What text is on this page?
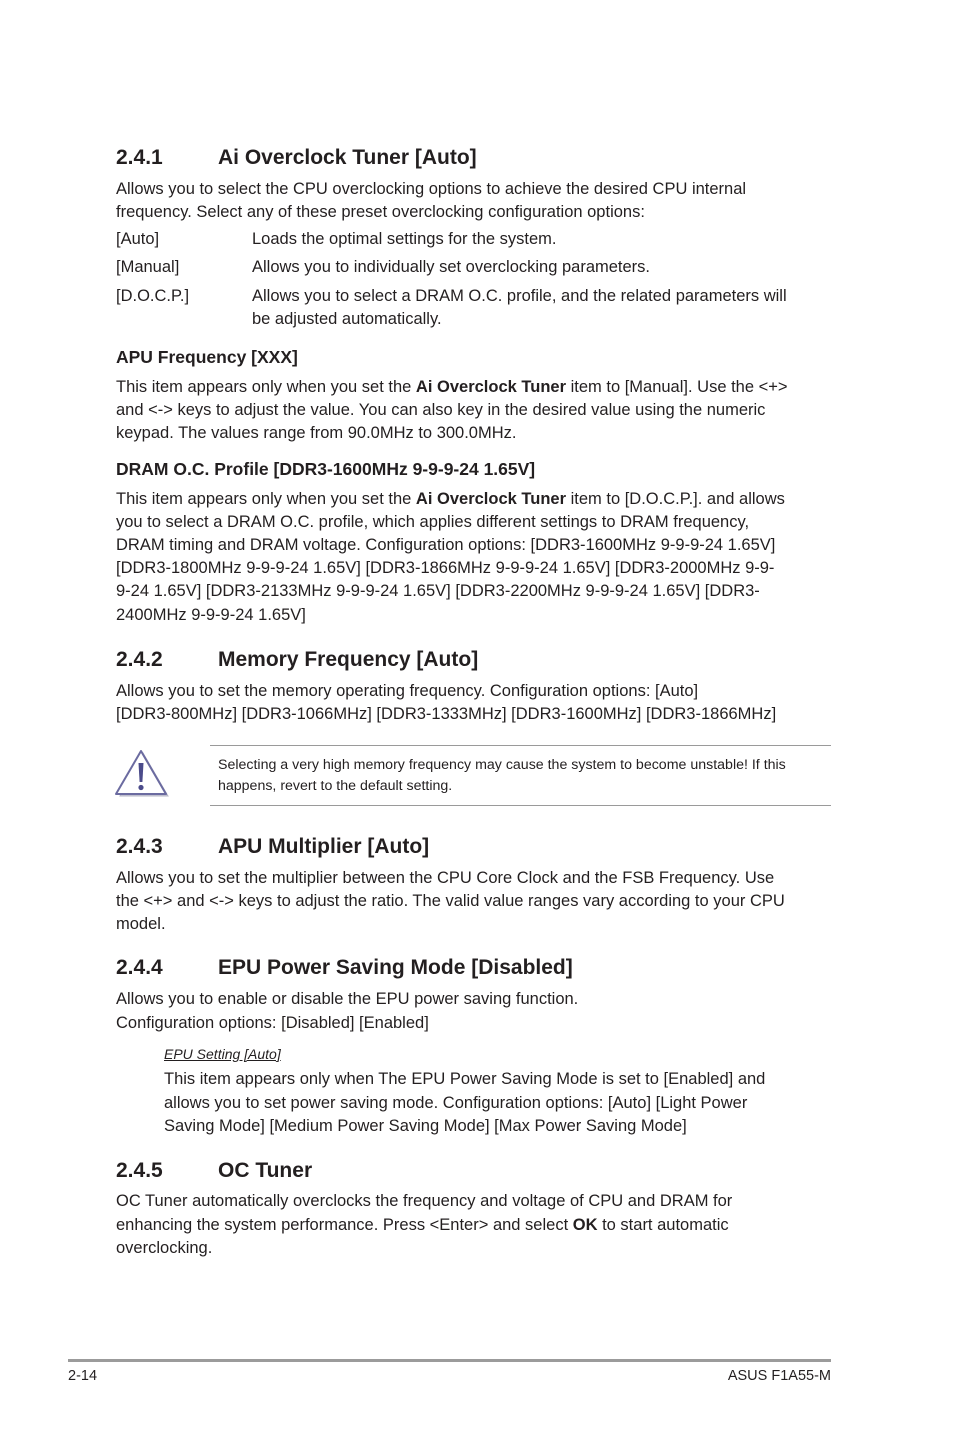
2.4.1	Ai Overclock Tuner [Auto]
Allows you to select the CPU overclocking options to achieve the desired CPU internal
frequency. Select any of these preset overclocking configuration options:
[Auto]	Loads the optimal settings for the system.
[Manual]	Allows you to individually set overclocking parameters.
[D.O.C.P.]	Allows you to select a DRAM O.C. profile, and the related parameters will
be adjusted automatically.
APU Frequency [XXX]
This item appears only when you set the Ai Overclock Tuner item to [Manual]. Use the <+>
and <-> keys to adjust the value. You can also key in the desired value using the numeric
keypad. The values range from 90.0MHz to 300.0MHz.
DRAM O.C. Profile [DDR3-1600MHz 9-9-9-24 1.65V]
This item appears only when you set the Ai Overclock Tuner item to [D.O.C.P.]. and allows
you to select a DRAM O.C. profile, which applies different settings to DRAM frequency,
DRAM timing and DRAM voltage. Configuration options: [DDR3-1600MHz 9-9-9-24 1.65V]
[DDR3-1800MHz 9-9-9-24 1.65V] [DDR3-1866MHz 9-9-9-24 1.65V] [DDR3-2000MHz 9-9-
9-24 1.65V] [DDR3-2133MHz 9-9-9-24 1.65V] [DDR3-2200MHz 9-9-9-24 1.65V] [DDR3-
2400MHz 9-9-9-24 1.65V]
2.4.2	Memory Frequency [Auto]
Allows you to set the memory operating frequency. Configuration options: [Auto]
[DDR3-800MHz] [DDR3-1066MHz] [DDR3-1333MHz] [DDR3-1600MHz] [DDR3-1866MHz]
Selecting a very high memory frequency may cause the system to become unstable! If this
happens, revert to the default setting.
2.4.3	APU Multiplier [Auto]
Allows you to set the multiplier between the CPU Core Clock and the FSB Frequency. Use
the <+> and <-> keys to adjust the ratio. The valid value ranges vary according to your CPU
model.
2.4.4	EPU Power Saving Mode [Disabled]
Allows you to enable or disable the EPU power saving function.
Configuration options: [Disabled] [Enabled]
EPU Setting [Auto]
This item appears only when The EPU Power Saving Mode is set to [Enabled] and
allows you to set power saving mode. Configuration options: [Auto] [Light Power
Saving Mode] [Medium Power Saving Mode] [Max Power Saving Mode]
2.4.5	OC Tuner
OC Tuner automatically overclocks the frequency and voltage of CPU and DRAM for
enhancing the system performance. Press <Enter> and select OK to start automatic
overclocking.
2-14	ASUS F1A55-M
